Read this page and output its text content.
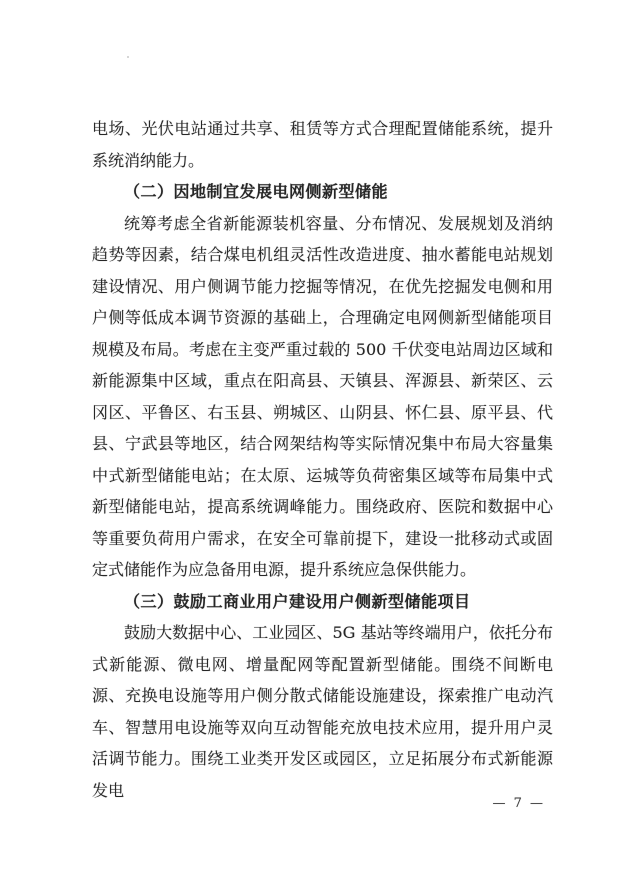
电场、光伏电站通过共享、租赁等方式合理配置储能系统，提升系统消纳能力。

（二）因地制宜发展电网侧新型储能

统筹考虑全省新能源装机容量、分布情况、发展规划及消纳趋势等因素，结合煤电机组灵活性改造进度、抽水蓄能电站规划建设情况、用户侧调节能力挖掘等情况，在优先挖掘发电侧和用户侧等低成本调节资源的基础上，合理确定电网侧新型储能项目规模及布局。考虑在主变严重过载的 500 千伏变电站周边区域和新能源集中区域，重点在阳高县、天镇县、浑源县、新荣区、云冈区、平鲁区、右玉县、朔城区、山阴县、怀仁县、原平县、代县、宁武县等地区，结合网架结构等实际情况集中布局大容量集中式新型储能电站；在太原、运城等负荷密集区域等布局集中式新型储能电站，提高系统调峰能力。围绕政府、医院和数据中心等重要负荷用户需求，在安全可靠前提下，建设一批移动式或固定式储能作为应急备用电源，提升系统应急保供能力。

（三）鼓励工商业用户建设用户侧新型储能项目

鼓励大数据中心、工业园区、5G 基站等终端用户，依托分布式新能源、微电网、增量配网等配置新型储能。围绕不间断电源、充换电设施等用户侧分散式储能设施建设，探索推广电动汽车、智慧用电设施等双向互动智能充放电技术应用，提升用户灵活调节能力。围绕工业类开发区或园区，立足拓展分布式新能源发电

— 7 —
